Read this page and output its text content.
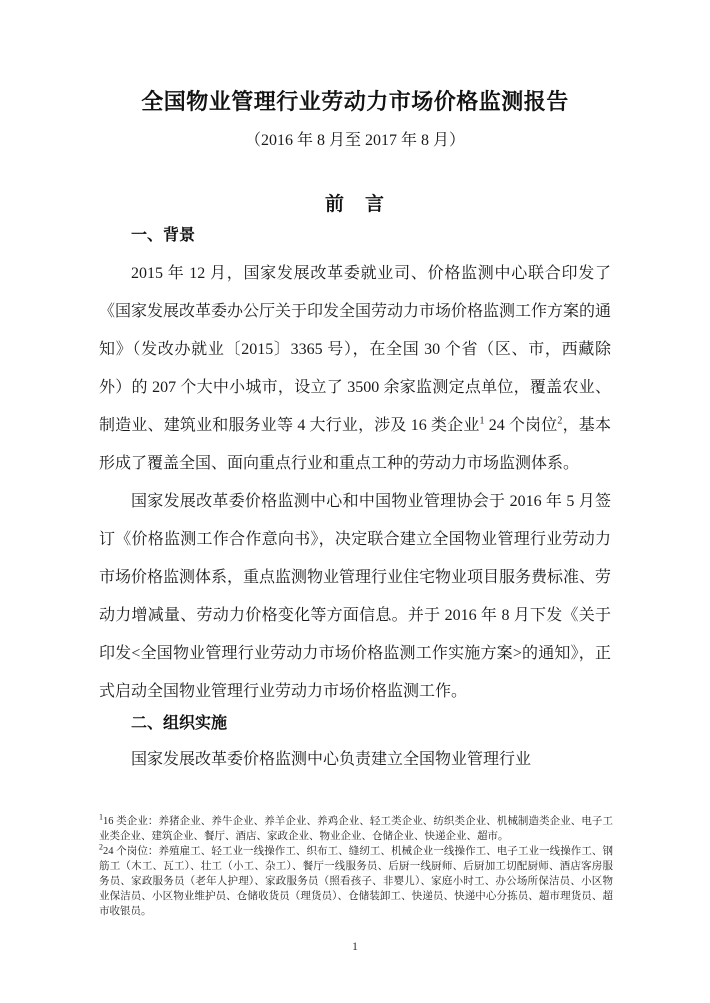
全国物业管理行业劳动力市场价格监测报告
（2016 年 8 月至 2017 年 8 月）
前　言
一、背景

2015 年 12 月，国家发展改革委就业司、价格监测中心联合印发了《国家发展改革委办公厅关于印发全国劳动力市场价格监测工作方案的通知》（发改办就业〔2015〕3365 号），在全国 30 个省（区、市，西藏除外）的 207 个大中小城市，设立了 3500 余家监测定点单位，覆盖农业、制造业、建筑业和服务业等 4 大行业，涉及 16 类企业$^1$ 24 个岗位$^2$，基本形成了覆盖全国、面向重点行业和重点工种的劳动力市场监测体系。

国家发展改革委价格监测中心和中国物业管理协会于 2016 年 5 月签订《价格监测工作合作意向书》，决定联合建立全国物业管理行业劳动力市场价格监测体系，重点监测物业管理行业住宅物业项目服务费标准、劳动力增减量、劳动力价格变化等方面信息。并于 2016 年 8 月下发《关于印发<全国物业管理行业劳动力市场价格监测工作实施方案>的通知》，正式启动全国物业管理行业劳动力市场价格监测工作。

二、组织实施

国家发展改革委价格监测中心负责建立全国物业管理行业

$^1$16 类企业：养猪企业、养牛企业、养羊企业、养鸡企业、轻工类企业、纺织类企业、机械制造类企业、电子工业类企业、建筑企业、餐厅、酒店、家政企业、物业企业、仓储企业、快递企业、超市。

$^2$24 个岗位：养殖雇工、轻工业一线操作工、织布工、缝纫工、机械企业一线操作工、电子工业一线操作工、钢筋工（木工、瓦工）、壮工（小工、杂工）、餐厅一线服务员、后厨一线厨师、后厨加工切配厨师、酒店客房服务员、家政服务员（老年人护理）、家政服务员（照看孩子、非婴儿）、家庭小时工、办公场所保洁员、小区物业保洁员、小区物业维护员、仓储收货员（理货员）、仓储装卸工、快递员、快递中心分拣员、超市理货员、超市收银员。

1
